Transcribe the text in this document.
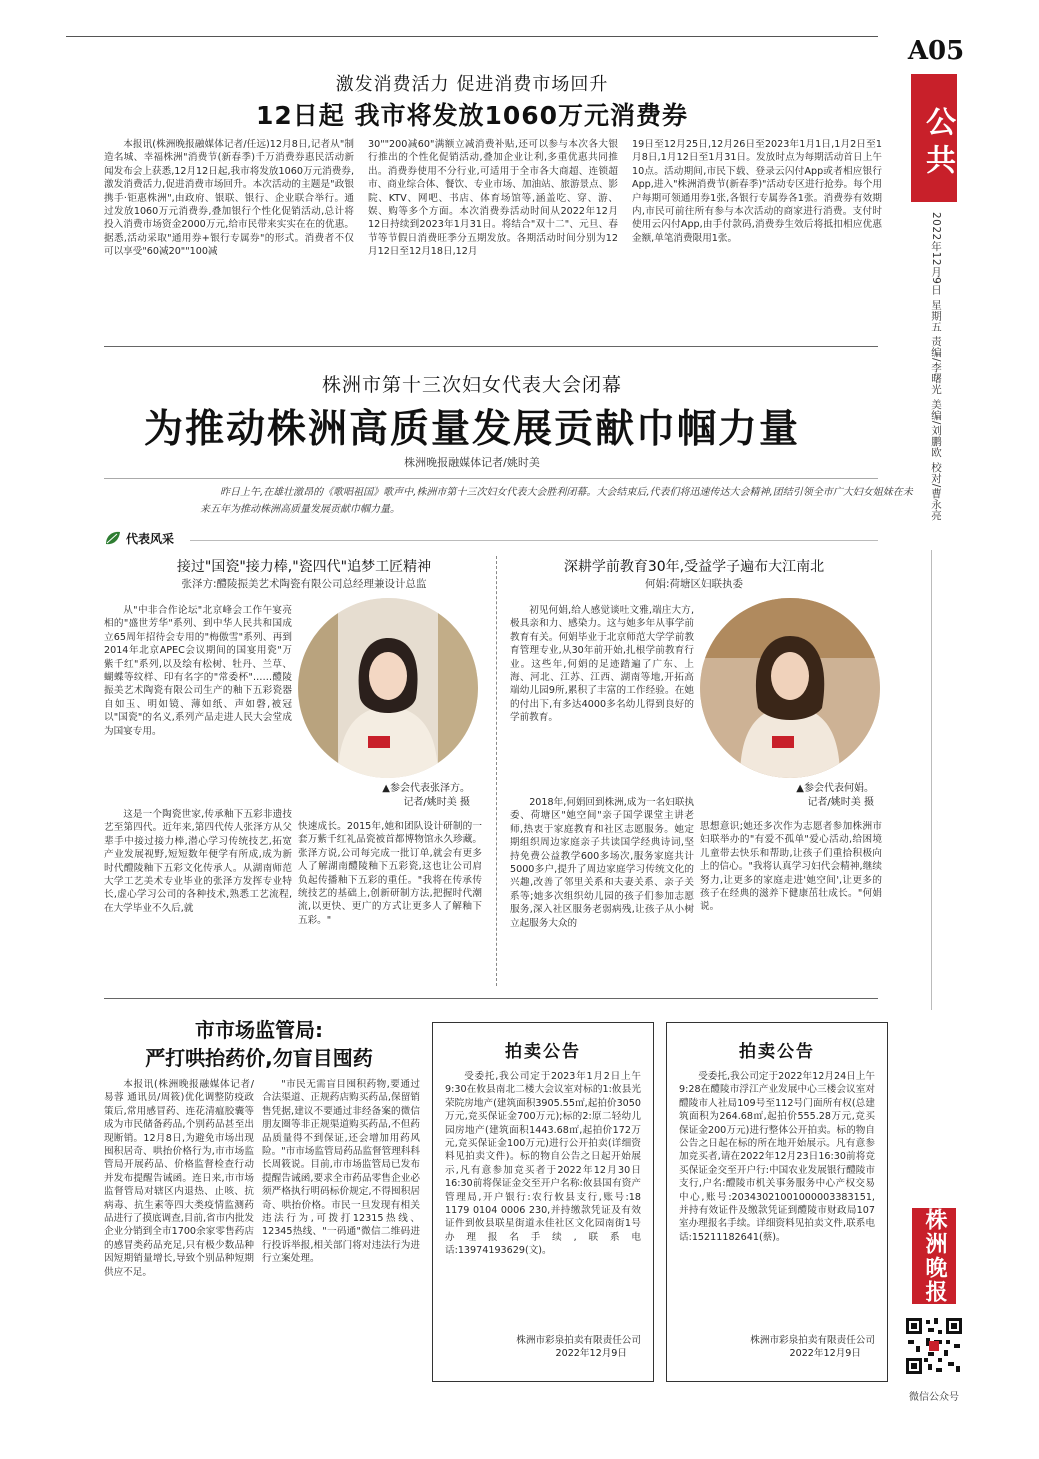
A05
公共
2022年12月9日 星期五 责编/李曙光 美编/刘鹏欧 校对/曹永亮
株洲晚报
微信公众号
激发消费活力 促进消费市场回升
12日起 我市将发放1060万元消费券

本报讯(株洲晚报融媒体记者/任远)12月8日,记者从"制造名城、幸福株洲"消费节(新春季)千万消费券惠民活动新闻发布会上获悉,12月12日起,我市将发放1060万元消费券,激发消费活力,促进消费市场回升。本次活动的主题是"政银携手·钜惠株洲",由政府、银联、银行、企业联合举行。通过发放1060万元消费券,叠加银行个性化促销活动,总计将投入消费市场资金2000万元,给市民带来实实在在的优惠。据悉,活动采取"通用券+银行专属券"的形式。消费者不仅可以享受"60减20""100减

30""200减60"满额立减消费补贴,还可以参与本次各大银行推出的个性化促销活动,叠加企业让利,多重优惠共同推出。消费券使用不分行业,可适用于全市各大商超、连锁超市、商业综合体、餐饮、专业市场、加油站、旅游景点、影院、KTV、网吧、书店、体育场馆等,涵盖吃、穿、游、娱、购等多个方面。本次消费券活动时间从2022年12月12日持续到2023年1月31日。将结合"双十二"、元旦、春节等节假日消费旺季分五期发放。各期活动时间分别为12月12日至12月18日,12月

19日至12月25日,12月26日至2023年1月1日,1月2日至1月8日,1月12日至1月31日。发放时点为每期活动首日上午10点。活动期间,市民下载、登录云闪付App或者相应银行App,进入"株洲消费节(新春季)"活动专区进行抢券。每个用户每期可领通用券1张,各银行专属券各1张。消费券有效期内,市民可前往所有参与本次活动的商家进行消费。支付时使用云闪付App,由手付款码,消费券生效后将抵扣相应优惠金额,单笔消费限用1张。

株洲市第十三次妇女代表大会闭幕
为推动株洲高质量发展贡献巾帼力量
株洲晚报融媒体记者/姚时美
昨日上午,在雄壮激昂的《歌唱祖国》歌声中,株洲市第十三次妇女代表大会胜利闭幕。大会结束后,代表们将迅速传达大会精神,团结引领全市广大妇女姐妹在未来五年为推动株洲高质量发展贡献巾帼力量。
代表风采
接过"国瓷"接力棒,"瓷四代"追梦工匠精神
张泽方:醴陵振美艺术陶瓷有限公司总经理兼设计总监

从"中非合作论坛"北京峰会工作午宴亮相的"盛世芳华"系列、到中华人民共和国成立65周年招待会专用的"梅傲雪"系列、再到2014年北京APEC会议期间的国宴用瓷"万紫千红"系列,以及绘有松树、牡丹、兰草、蝴蝶等纹样、印有名字的"常委杯"……醴陵振美艺术陶瓷有限公司生产的釉下五彩瓷器自如玉、明如镜、薄如纸、声如磬,被冠以"国瓷"的名义,系列产品走进人民大会堂成为国宴专用。

▲参会代表张泽方。
记者/姚时美 摄

这是一个陶瓷世家,传承釉下五彩非遗技艺至第四代。近年来,第四代传人张泽方从父辈手中接过接力棒,潜心学习传统技艺,拓宽产业发展视野,短短数年便学有所成,成为新时代醴陵釉下五彩文化传承人。从湖南师范大学工艺美术专业毕业的张泽方发挥专业特长,虚心学习公司的各种技术,熟悉工艺流程,在大学毕业不久后,就

快速成长。2015年,她和团队设计研制的一套万紫千红礼品瓷被首都博物馆永久珍藏。张泽方说,公司每完成一批订单,就会有更多人了解湖南醴陵釉下五彩瓷,这也让公司肩负起传播釉下五彩的重任。"我将在传承传统技艺的基础上,创新研制方法,把握时代潮流,以更快、更广的方式让更多人了解釉下五彩。"

深耕学前教育30年,受益学子遍布大江南北
何娟:荷塘区妇联执委

初见何娟,给人感觉谈吐文雅,端庄大方,极具亲和力、感染力。这与她多年从事学前教育有关。何娟毕业于北京师范大学学前教育管理专业,从30年前开始,扎根学前教育行业。这些年,何娟的足迹踏遍了广东、上海、河北、江苏、江西、湖南等地,开拓高端幼儿园9所,累积了丰富的工作经验。在她的付出下,有多达4000多名幼儿得到良好的学前教育。

▲参会代表何娟。
记者/姚时美 摄

2018年,何娟回到株洲,成为一名妇联执委、荷塘区"她空间"亲子国学课堂主讲老师,热衷于家庭教育和社区志愿服务。她定期组织周边家庭亲子共读国学经典诗词,坚持免费公益教学600多场次,服务家庭共计5000多户,提升了周边家庭学习传统文化的兴趣,改善了邻里关系和夫妻关系、亲子关系等;她多次组织幼儿园的孩子们参加志愿服务,深入社区服务老弱病残,让孩子从小树立起服务大众的

思想意识;她还多次作为志愿者参加株洲市妇联举办的"有爱不孤单"爱心活动,给困境儿童带去快乐和帮助,让孩子们重拾积极向上的信心。"我将认真学习妇代会精神,继续努力,让更多的家庭走进'她空间',让更多的孩子在经典的滋养下健康茁壮成长。"何娟说。

市市场监管局:
严打哄抬药价,勿盲目囤药

本报讯(株洲晚报融媒体记者/易蓉 通讯员/周筱)优化调整防疫政策后,常用感冒药、连花清瘟胶囊等成为市民储备药品,个别药品甚至出现断销。12月8日,为避免市场出现囤积居奇、哄抬价格行为,市市场监管局开展药品、价格监督检查行动并发布提醒告诫函。连日来,市市场监督管局对辖区内退热、止咳、抗病毒、抗生素等四大类疫情监测药品进行了摸底调查,目前,省市内批发企业分销到全市1700余家零售药店的感冒类药品充足,只有极少数品种因短期销量增长,导致个别品种短期供应不足。

"市民无需盲目囤积药物,要通过合法渠道、正规药店购买药品,保留销售凭据,建议不要通过非经备案的微信朋友圈等非正规渠道购买药品,不但药品质量得不到保证,还会增加用药风险。"市市场监管局药品监督管理科科长周筱说。目前,市市场监管局已发布提醒告诫函,要求全市药品零售企业必须严格执行明码标价规定,不得囤积居奇、哄抬价格。市民一旦发现有相关违法行为,可拨打12315热线、12345热线、"一码通"微信二维码进行投诉举报,相关部门将对违法行为进行立案处理。

拍卖公告
受委托,我公司定于2023年1月2日上午9:30在攸县南北二楼大会议室对标的1:攸县光荣院房地产(建筑面积3905.55㎡,起拍价3050万元,竞买保证金700万元);标的2:原二轻幼儿园房地产(建筑面积1443.68㎡,起拍价172万元,竞买保证金100万元)进行公开拍卖(详细资料见拍卖文件)。标的物自公告之日起开始展示,凡有意参加竞买者于2022年12月30日16:30前将保证金交至开户名称:攸县国有资产管理局,开户银行:农行攸县支行,账号:18 1179 0104 0006 230,并持缴款凭证及有效证件到攸县联星街道永佳社区文化园南街1号办理报名手续,联系电话:13974193629(文)。
株洲市彩泉拍卖有限责任公司
2022年12月9日
拍卖公告
受委托,我公司定于2022年12月24日上午9:28在醴陵市浮江产业发展中心三楼会议室对醴陵市人社局109号至112号门面所有权(总建筑面积为264.68㎡,起拍价555.28万元,竞买保证金200万元)进行整体公开拍卖。标的物自公告之日起在标的所在地开始展示。凡有意参加竞买者,请在2022年12月23日16:30前将竞买保证金交至开户行:中国农业发展银行醴陵市支行,户名:醴陵市机关事务服务中心产权交易中心,账号:20343021001000003383151,并持有效证件及缴款凭证到醴陵市财政局107室办理报名手续。详细资料见拍卖文件,联系电话:15211182641(蔡)。
株洲市彩泉拍卖有限责任公司
2022年12月9日
